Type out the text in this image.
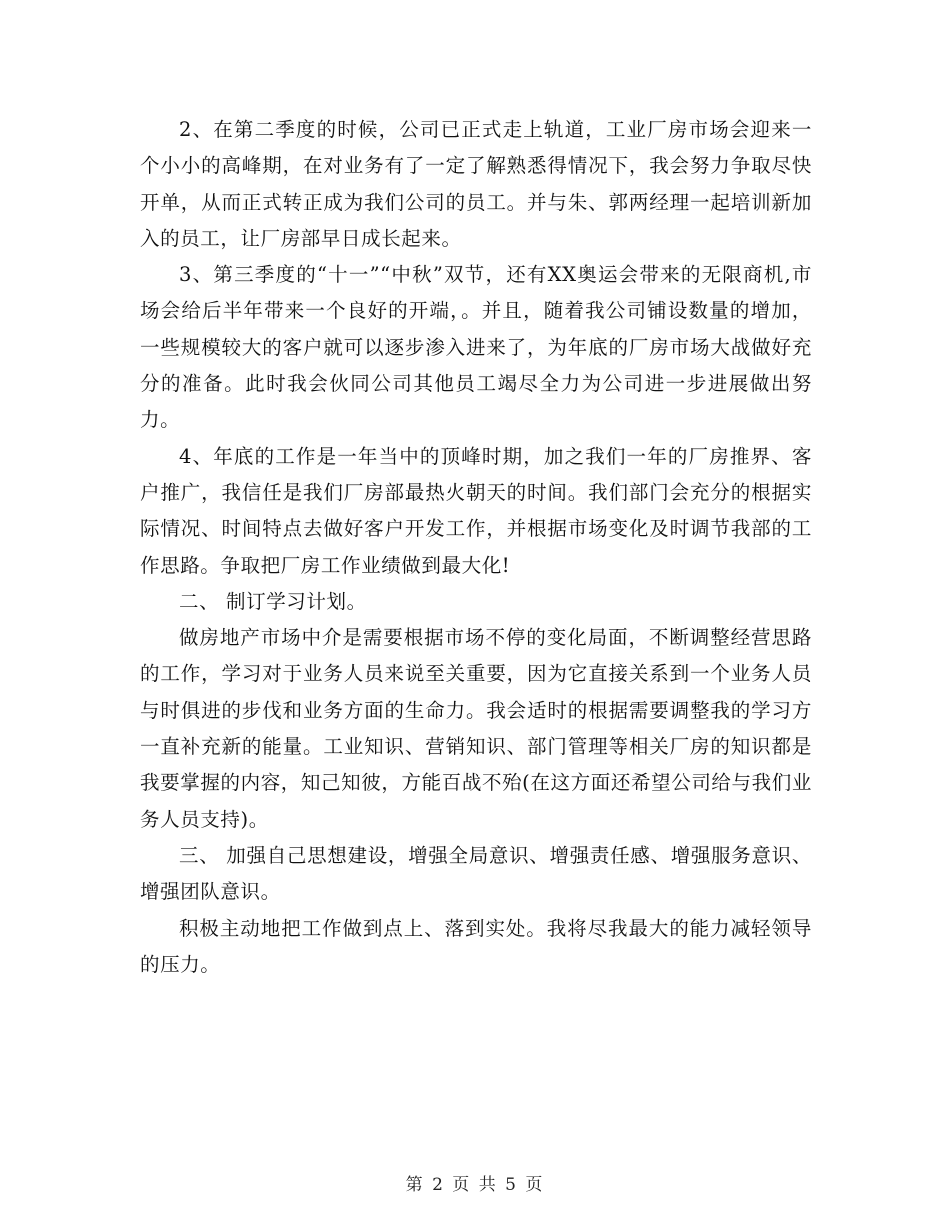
2、在第二季度的时候，公司已正式走上轨道，工业厂房市场会迎来一个小小的高峰期，在对业务有了一定了解熟悉得情况下，我会努力争取尽快开单，从而正式转正成为我们公司的员工。并与朱、郭两经理一起培训新加入的员工，让厂房部早日成长起来。

3、第三季度的“十一”“中秋”双节，还有XX奥运会带来的无限商机,市场会给后半年带来一个良好的开端，。并且，随着我公司铺设数量的增加，一些规模较大的客户就可以逐步渗入进来了，为年底的厂房市场大战做好充分的准备。此时我会伙同公司其他员工竭尽全力为公司进一步进展做出努力。

4、年底的工作是一年当中的顶峰时期，加之我们一年的厂房推界、客户推广，我信任是我们厂房部最热火朝天的时间。我们部门会充分的根据实际情况、时间特点去做好客户开发工作，并根据市场变化及时调节我部的工作思路。争取把厂房工作业绩做到最大化!

二、 制订学习计划。

做房地产市场中介是需要根据市场不停的变化局面，不断调整经营思路的工作，学习对于业务人员来说至关重要，因为它直接关系到一个业务人员与时俱进的步伐和业务方面的生命力。我会适时的根据需要调整我的学习方一直补充新的能量。工业知识、营销知识、部门管理等相关厂房的知识都是我要掌握的内容，知己知彼，方能百战不殆(在这方面还希望公司给与我们业务人员支持)。

三、 加强自己思想建设，增强全局意识、增强责任感、增强服务意识、增强团队意识。

积极主动地把工作做到点上、落到实处。我将尽我最大的能力减轻领导的压力。

第 2 页 共 5 页
